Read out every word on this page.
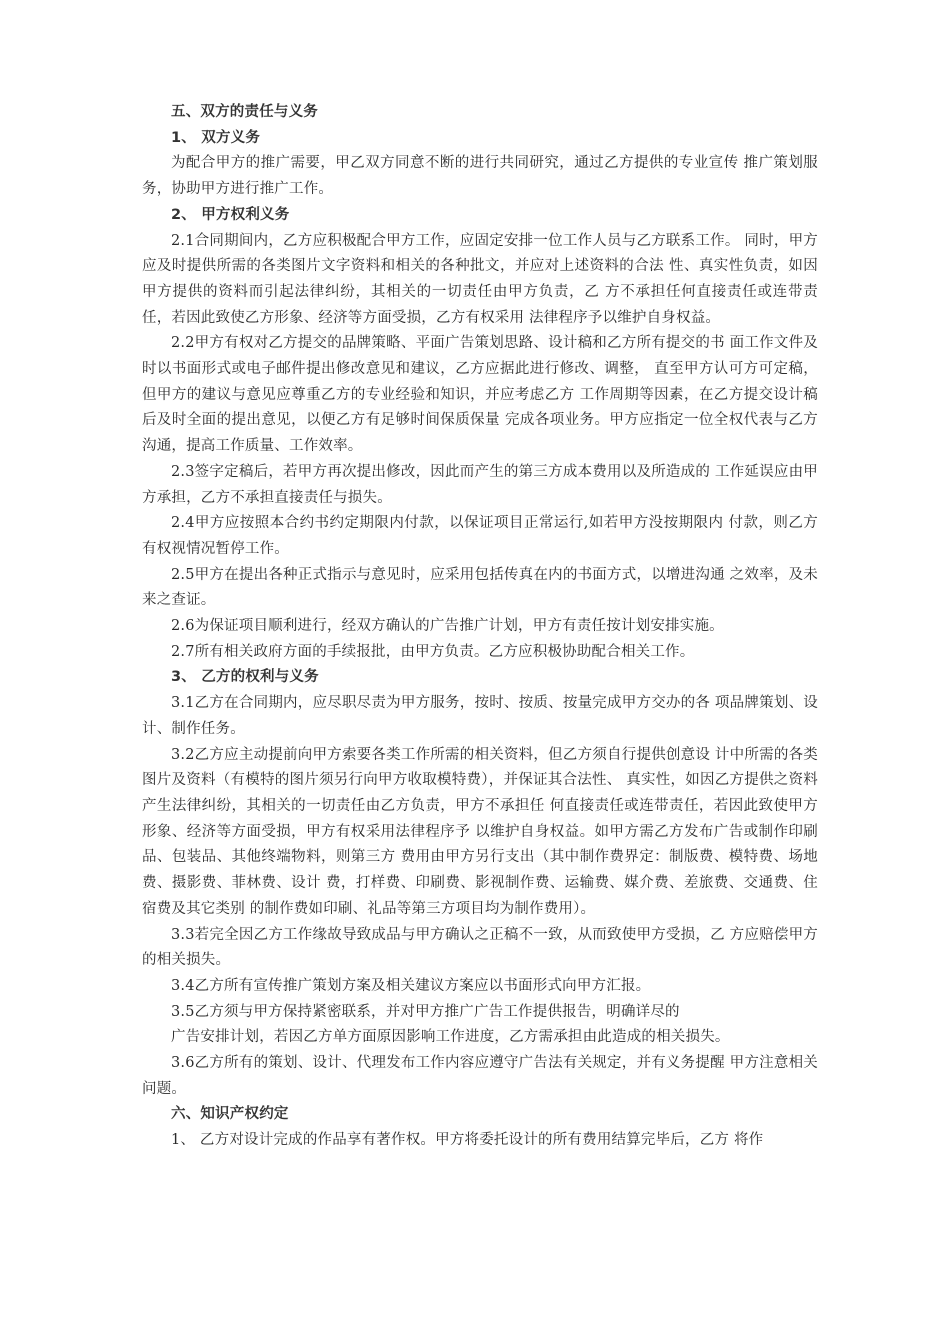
五、双方的责任与义务

1、 双方义务

为配合甲方的推广需要，甲乙双方同意不断的进行共同研究，通过乙方提供的专业宣传 推广策划服务，协助甲方进行推广工作。

2、 甲方权利义务

2.1合同期间内，乙方应积极配合甲方工作，应固定安排一位工作人员与乙方联系工作。 同时，甲方应及时提供所需的各类图片文字资料和相关的各种批文，并应对上述资料的合法 性、真实性负责，如因甲方提供的资料而引起法律纠纷，其相关的一切责任由甲方负责，乙 方不承担任何直接责任或连带责任，若因此致使乙方形象、经济等方面受损，乙方有权采用 法律程序予以维护自身权益。

2.2甲方有权对乙方提交的品牌策略、平面广告策划思路、设计稿和乙方所有提交的书 面工作文件及时以书面形式或电子邮件提出修改意见和建议，乙方应据此进行修改、调整， 直至甲方认可方可定稿，但甲方的建议与意见应尊重乙方的专业经验和知识，并应考虑乙方 工作周期等因素，在乙方提交设计稿后及时全面的提出意见，以便乙方有足够时间保质保量 完成各项业务。甲方应指定一位全权代表与乙方沟通，提高工作质量、工作效率。

2.3签字定稿后，若甲方再次提出修改，因此而产生的第三方成本费用以及所造成的 工作延误应由甲方承担，乙方不承担直接责任与损失。

2.4甲方应按照本合约书约定期限内付款，以保证项目正常运行,如若甲方没按期限内 付款，则乙方有权视情况暂停工作。

2.5甲方在提出各种正式指示与意见时，应采用包括传真在内的书面方式，以增进沟通 之效率，及未来之查证。

2.6为保证项目顺利进行，经双方确认的广告推广计划，甲方有责任按计划安排实施。

2.7所有相关政府方面的手续报批，由甲方负责。乙方应积极协助配合相关工作。

3、 乙方的权利与义务

3.1乙方在合同期内，应尽职尽责为甲方服务，按时、按质、按量完成甲方交办的各 项品牌策划、设计、制作任务。

3.2乙方应主动提前向甲方索要各类工作所需的相关资料，但乙方须自行提供创意设 计中所需的各类图片及资料（有模特的图片须另行向甲方收取模特费），并保证其合法性、 真实性，如因乙方提供之资料产生法律纠纷，其相关的一切责任由乙方负责，甲方不承担任 何直接责任或连带责任，若因此致使甲方形象、经济等方面受损，甲方有权采用法律程序予 以维护自身权益。如甲方需乙方发布广告或制作印刷品、包装品、其他终端物料，则第三方 费用由甲方另行支出（其中制作费界定：制版费、模特费、场地费、摄影费、菲林费、设计 费，打样费、印刷费、影视制作费、运输费、媒介费、差旅费、交通费、住宿费及其它类别 的制作费如印刷、礼品等第三方项目均为制作费用）。

3.3若完全因乙方工作缘故导致成品与甲方确认之正稿不一致，从而致使甲方受损，乙 方应赔偿甲方的相关损失。

3.4乙方所有宣传推广策划方案及相关建议方案应以书面形式向甲方汇报。

3.5乙方须与甲方保持紧密联系，并对甲方推广广告工作提供报告，明确详尽的

广告安排计划，若因乙方单方面原因影响工作进度，乙方需承担由此造成的相关损失。

3.6乙方所有的策划、设计、代理发布工作内容应遵守广告法有关规定，并有义务提醒 甲方注意相关问题。

六、知识产权约定

1、 乙方对设计完成的作品享有著作权。甲方将委托设计的所有费用结算完毕后，乙方 将作
